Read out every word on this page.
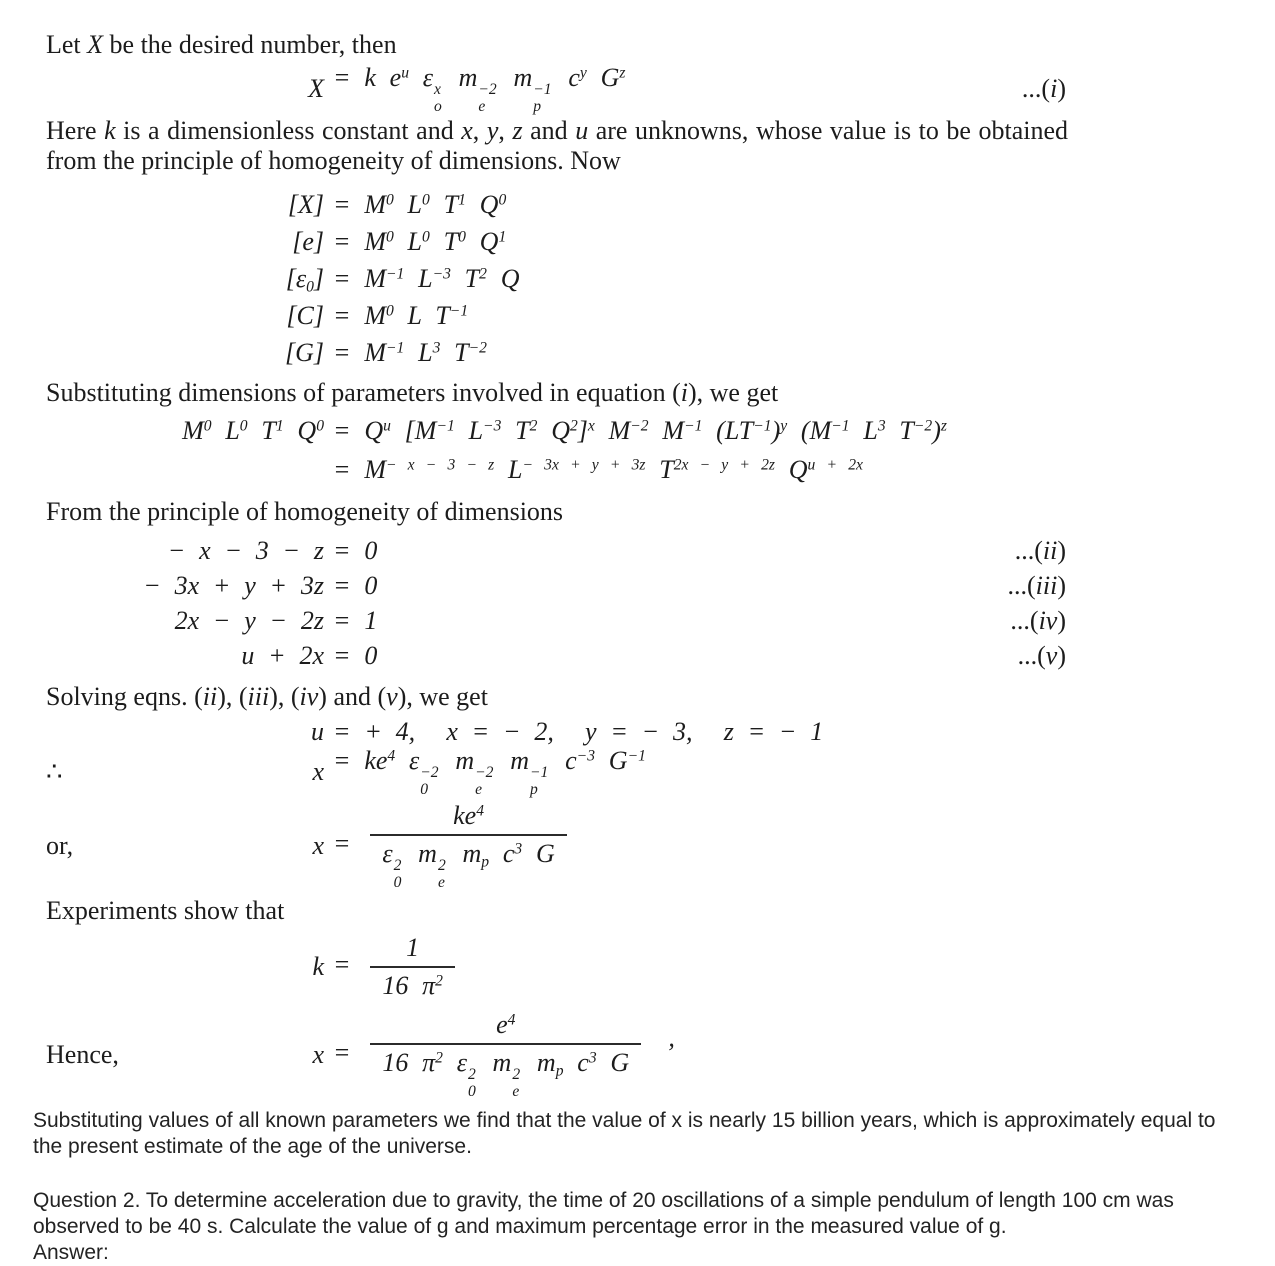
Let X be the desired number, then

X = k $e^u$ ε x
o
m −2
e
m −1
p
$c^y$ $G^z$
...(i)

Here k is a dimensionless constant and x, y, z and u are unknowns, whose value is to be obtained from the principle of homogeneity of dimensions. Now

$[X] = M^0$ $L^0$ $T^1$ $Q^0$
$[e] = M^0$ $L^0$ $T^0$ $Q^1$
$[\varepsilon_0] = M^{-1}$ $L^{-3}$ $T^2$ Q
$[C] = M^0$ L $T^{-1}$
$[G] = M^{-1}$ $L^3$ $T^{-2}$

Substituting dimensions of parameters involved in equation (i), we get

$M^0$ $L^0$ $T^1$ $Q^0 = Q^u$ [$M^{-1}$ $L^{-3}$ $T^2$ $Q^2]^x$ $M^{-2}$ $M^{-1}$ $(LT^{-1})^y$ ($M^{-1}$ $L^3$ $T^{-2})^z$
= $M^{- x - 3 - z}$ $L^{- 3x + y + 3z}$ $T^{2x - y + 2z}$ $Q^{u + 2x}$

From the principle of homogeneity of dimensions

− x − 3 − z = 0	...(ii)
− 3x + y + 3z = 0	...(iii)
2x − y − 2z = 1	...(iv)
u + 2x = 0	...(v)

Solving eqns. (ii), (iii), (iv) and (v), we get

u = + 4, x = − 2, y = − 3, z = − 1
∴	$x = ke^4$ ε −2
0
m −2
e
m −1
p
$c^{-3}$ $G^{-1}$
or,	$x = ke^4$
ε 2
0
m 2
e
$m_p$ $c^3$ G

Experiments show that

$k = \frac{1}{16 \pi^2}$
Hence,	$x = e^4$
16 $\pi^2$ ε 2
0
m 2
e
$m_p$ $c^3$ G ’

Substituting values of all known parameters we find that the value of x is nearly 15 billion years, which is approximately equal to the present estimate of the age of the universe.

Question 2. To determine acceleration due to gravity, the time of 20 oscillations of a simple pendulum of length 100 cm was observed to be 40 s. Calculate the value of g and maximum percentage error in the measured value of g.

Answer:
